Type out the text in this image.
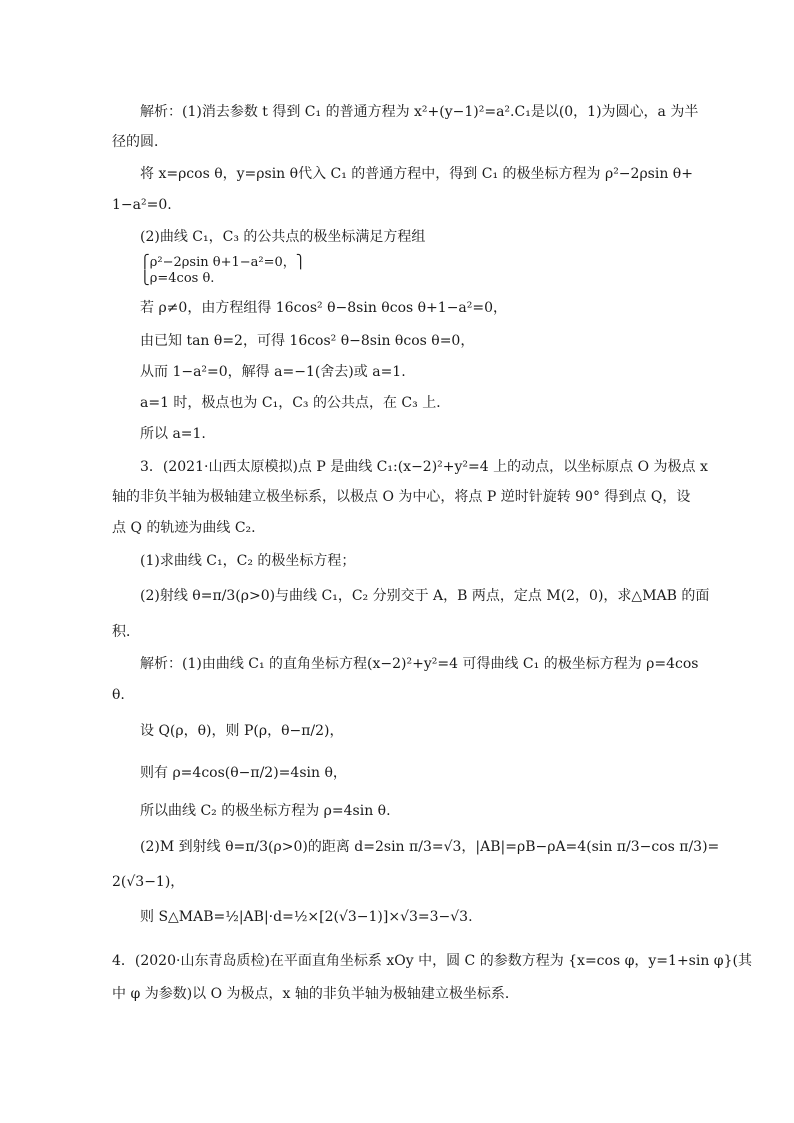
解析：(1)消去参数 t 得到 C₁ 的普通方程为 x²+(y−1)²=a².C₁是以(0，1)为圆心，a 为半
径的圆．
将 x=ρcos θ，y=ρsin θ代入 C₁ 的普通方程中，得到 C₁ 的极坐标方程为 ρ²−2ρsin θ+
1−a²=0.
(2)曲线 C₁，C₃ 的公共点的极坐标满足方程组
⎧ρ²−2ρsin θ+1−a²=0，⎫
⎩ρ=4cos θ.
若 ρ≠0，由方程组得 16cos² θ−8sin θcos θ+1−a²=0，
由已知 tan θ=2，可得 16cos² θ−8sin θcos θ=0，
从而 1−a²=0，解得 a=−1(舍去)或 a=1.
a=1 时，极点也为 C₁，C₃ 的公共点，在 C₃ 上．
所以 a=1.
3．(2021·山西太原模拟)点 P 是曲线 C₁:(x−2)²+y²=4 上的动点，以坐标原点 O 为极点 x
轴的非负半轴为极轴建立极坐标系，以极点 O 为中心，将点 P 逆时针旋转 90° 得到点 Q，设
点 Q 的轨迹为曲线 C₂.
(1)求曲线 C₁，C₂ 的极坐标方程；
(2)射线 θ=π/3(ρ>0)与曲线 C₁，C₂ 分别交于 A，B 两点，定点 M(2，0)，求△MAB 的面
积．
解析：(1)由曲线 C₁ 的直角坐标方程(x−2)²+y²=4 可得曲线 C₁ 的极坐标方程为 ρ=4cos
θ.
设 Q(ρ，θ)，则 P(ρ，θ−π/2)，
则有 ρ=4cos(θ−π/2)=4sin θ，
所以曲线 C₂ 的极坐标方程为 ρ=4sin θ.
(2)M 到射线 θ=π/3(ρ>0)的距离 d=2sin π/3=√3，|AB|=ρB−ρA=4(sin π/3−cos π/3)=
2(√3−1)，
则 S△MAB=½|AB|·d=½×[2(√3−1)]×√3=3−√3.
4．(2020·山东青岛质检)在平面直角坐标系 xOy 中，圆 C 的参数方程为 {x=cos φ，y=1+sin φ}(其
中 φ 为参数)以 O 为极点，x 轴的非负半轴为极轴建立极坐标系．
